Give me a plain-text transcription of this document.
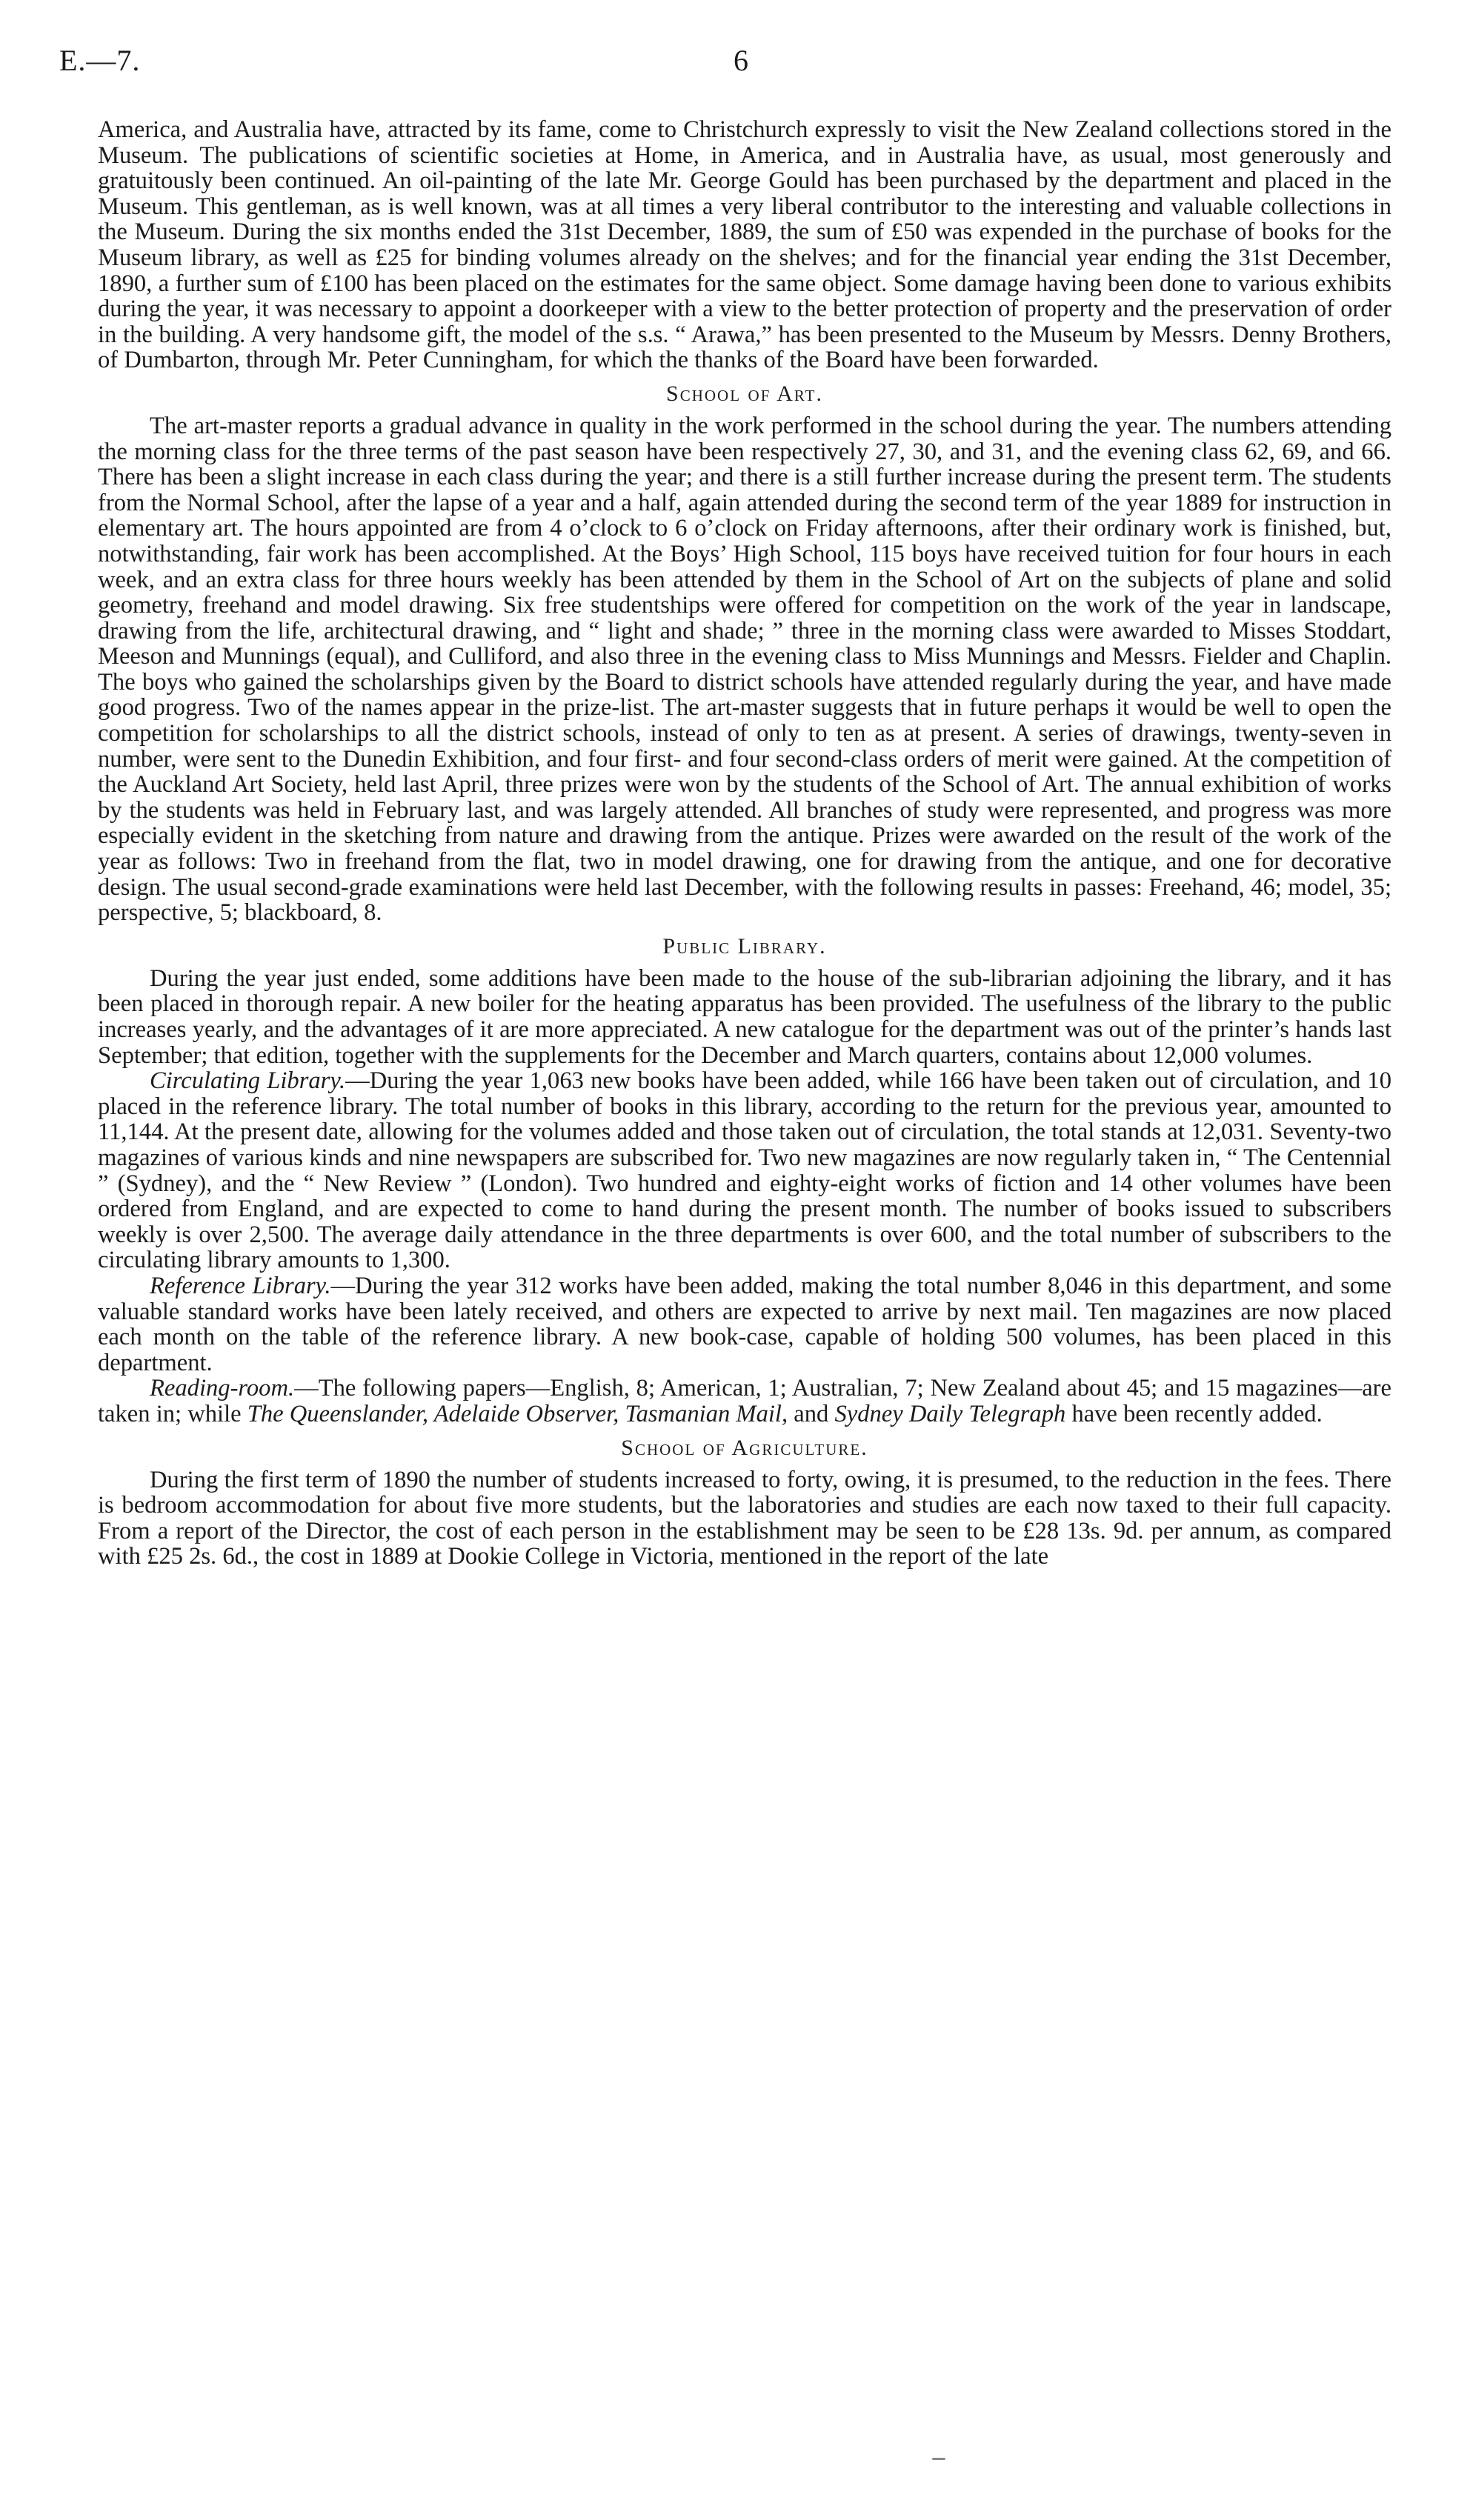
E.—7.	6

America, and Australia have, attracted by its fame, come to Christchurch expressly to visit the New Zealand collections stored in the Museum. The publications of scientific societies at Home, in America, and in Australia have, as usual, most generously and gratuitously been continued. An oil-painting of the late Mr. George Gould has been purchased by the department and placed in the Museum. This gentleman, as is well known, was at all times a very liberal contributor to the interesting and valuable collections in the Museum. During the six months ended the 31st December, 1889, the sum of £50 was expended in the purchase of books for the Museum library, as well as £25 for binding volumes already on the shelves; and for the financial year ending the 31st December, 1890, a further sum of £100 has been placed on the estimates for the same object. Some damage having been done to various exhibits during the year, it was necessary to appoint a doorkeeper with a view to the better protection of property and the preservation of order in the building. A very handsome gift, the model of the s.s. “ Arawa,” has been presented to the Museum by Messrs. Denny Brothers, of Dumbarton, through Mr. Peter Cunningham, for which the thanks of the Board have been forwarded.

School of Art.

The art-master reports a gradual advance in quality in the work performed in the school during the year. The numbers attending the morning class for the three terms of the past season have been respectively 27, 30, and 31, and the evening class 62, 69, and 66. There has been a slight increase in each class during the year; and there is a still further increase during the present term. The students from the Normal School, after the lapse of a year and a half, again attended during the second term of the year 1889 for instruction in elementary art. The hours appointed are from 4 o’clock to 6 o’clock on Friday afternoons, after their ordinary work is finished, but, notwithstanding, fair work has been accomplished. At the Boys’ High School, 115 boys have received tuition for four hours in each week, and an extra class for three hours weekly has been attended by them in the School of Art on the subjects of plane and solid geometry, freehand and model drawing. Six free studentships were offered for competition on the work of the year in landscape, drawing from the life, architectural drawing, and “ light and shade; ” three in the morning class were awarded to Misses Stoddart, Meeson and Munnings (equal), and Culliford, and also three in the evening class to Miss Munnings and Messrs. Fielder and Chaplin. The boys who gained the scholarships given by the Board to district schools have attended regularly during the year, and have made good progress. Two of the names appear in the prize-list. The art-master suggests that in future perhaps it would be well to open the competition for scholarships to all the district schools, instead of only to ten as at present. A series of drawings, twenty-seven in number, were sent to the Dunedin Exhibition, and four first- and four second-class orders of merit were gained. At the competition of the Auckland Art Society, held last April, three prizes were won by the students of the School of Art. The annual exhibition of works by the students was held in February last, and was largely attended. All branches of study were represented, and progress was more especially evident in the sketching from nature and drawing from the antique. Prizes were awarded on the result of the work of the year as follows: Two in freehand from the flat, two in model drawing, one for drawing from the antique, and one for decorative design. The usual second-grade examinations were held last December, with the following results in passes: Freehand, 46; model, 35; perspective, 5; blackboard, 8.

Public Library.

During the year just ended, some additions have been made to the house of the sub-librarian adjoining the library, and it has been placed in thorough repair. A new boiler for the heating apparatus has been provided. The usefulness of the library to the public increases yearly, and the advantages of it are more appreciated. A new catalogue for the department was out of the printer’s hands last September; that edition, together with the supplements for the December and March quarters, contains about 12,000 volumes.

Circulating Library.—During the year 1,063 new books have been added, while 166 have been taken out of circulation, and 10 placed in the reference library. The total number of books in this library, according to the return for the previous year, amounted to 11,144. At the present date, allowing for the volumes added and those taken out of circulation, the total stands at 12,031. Seventy-two magazines of various kinds and nine newspapers are subscribed for. Two new magazines are now regularly taken in, “ The Centennial ” (Sydney), and the “ New Review ” (London). Two hundred and eighty-eight works of fiction and 14 other volumes have been ordered from England, and are expected to come to hand during the present month. The number of books issued to subscribers weekly is over 2,500. The average daily attendance in the three departments is over 600, and the total number of subscribers to the circulating library amounts to 1,300.

Reference Library.—During the year 312 works have been added, making the total number 8,046 in this department, and some valuable standard works have been lately received, and others are expected to arrive by next mail. Ten magazines are now placed each month on the table of the reference library. A new book-case, capable of holding 500 volumes, has been placed in this department.

Reading-room.—The following papers—English, 8; American, 1; Australian, 7; New Zealand about 45; and 15 magazines—are taken in; while The Queenslander, Adelaide Observer, Tasmanian Mail, and Sydney Daily Telegraph have been recently added.

School of Agriculture.

During the first term of 1890 the number of students increased to forty, owing, it is presumed, to the reduction in the fees. There is bedroom accommodation for about five more students, but the laboratories and studies are each now taxed to their full capacity. From a report of the Director, the cost of each person in the establishment may be seen to be £28 13s. 9d. per annum, as compared with £25 2s. 6d., the cost in 1889 at Dookie College in Victoria, mentioned in the report of the late
